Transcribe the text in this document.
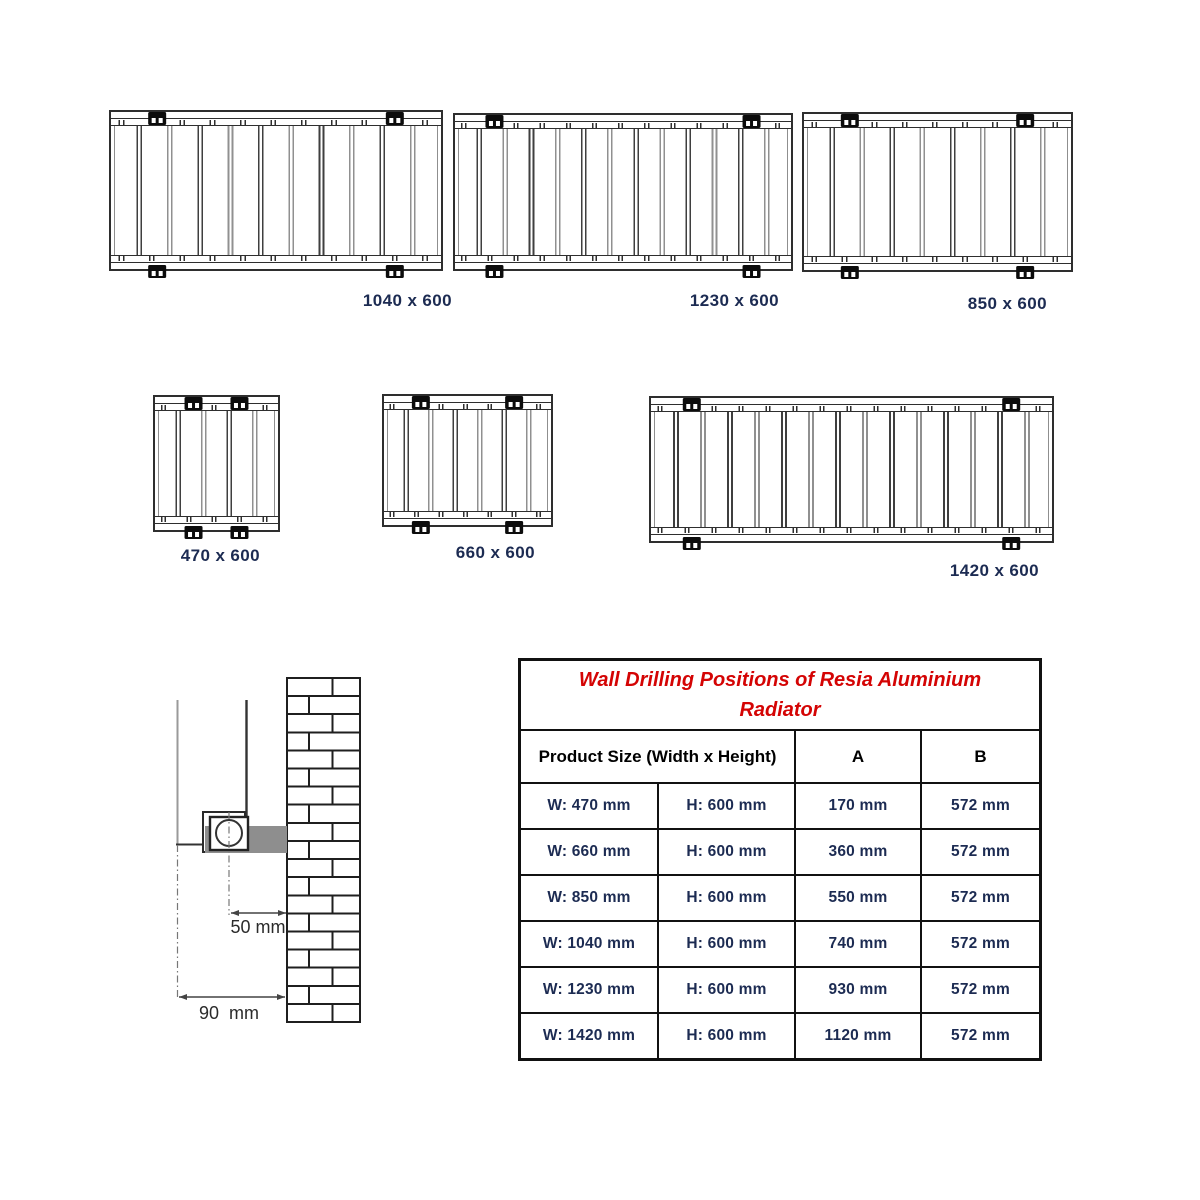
1040 x 600	1230 x 600	850 x 600
470 x 600	660 x 600
1420 x 600
50 mm
90  mm
Wall Drilling Positions of Resia Aluminium Radiator
Product Size (Width x Height)	A	B
W: 470 mm	H: 600 mm	170 mm	572 mm
W: 660 mm	H: 600 mm	360 mm	572 mm
W: 850 mm	H: 600 mm	550 mm	572 mm
W: 1040 mm	H: 600 mm	740 mm	572 mm
W: 1230 mm	H: 600 mm	930 mm	572 mm
W: 1420 mm	H: 600 mm	1120 mm	572 mm
